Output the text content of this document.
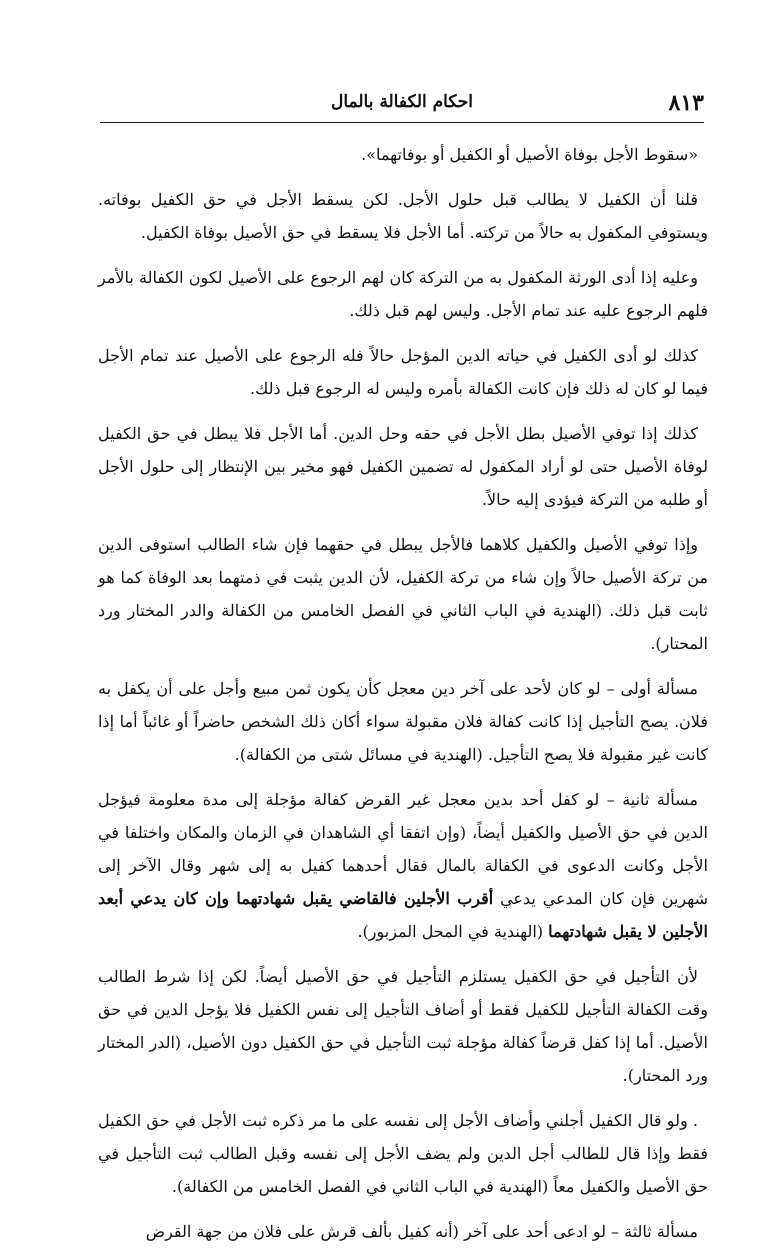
٨١٣
احكام الكفالة بالمال

«سقوط الأجل بوفاة الأصيل أو الكفيل أو بوفاتهما».

قلنا أن الكفيل لا يطالب قبل حلول الأجل. لكن يسقط الأجل في حق الكفيل بوفاته. ويستوفي المكفول به حالاً من تركته. أما الأجل فلا يسقط في حق الأصيل بوفاة الكفيل.

وعليه إذا أدى الورثة المكفول به من التركة كان لهم الرجوع على الأصيل لكون الكفالة بالأمر فلهم الرجوع عليه عند تمام الأجل. وليس لهم قبل ذلك.

كذلك لو أدى الكفيل في حياته الدين المؤجل حالاً فله الرجوع على الأصيل عند تمام الأجل فيما لو كان له ذلك فإن كانت الكفالة بأمره وليس له الرجوع قبل ذلك.

كذلك إذا توفي الأصيل بطل الأجل في حقه وحل الدين. أما الأجل فلا يبطل في حق الكفيل لوفاة الأصيل حتى لو أراد المكفول له تضمين الكفيل فهو مخير بين الإنتظار إلى حلول الأجل أو طلبه من التركة فيؤدى إليه حالاً.

وإذا توفي الأصيل والكفيل كلاهما فالأجل يبطل في حقهما فإن شاء الطالب استوفى الدين من تركة الأصيل حالاً وإن شاء من تركة الكفيل، لأن الدين يثبت في ذمتهما بعد الوفاة كما هو ثابت قبل ذلك. (الهندية في الباب الثاني في الفصل الخامس من الكفالة والدر المختار ورد المحتار).

مسألة أولى – لو كان لأحد على آخر دين معجل كأن يكون ثمن مبيع وأجل على أن يكفل به فلان. يصح التأجيل إذا كانت كفالة فلان مقبولة سواء أكان ذلك الشخص حاضراً أو غائباً أما إذا كانت غير مقبولة فلا يصح التأجيل. (الهندية في مسائل شتى من الكفالة).

مسألة ثانية – لو كفل أحد بدين معجل غير القرض كفالة مؤجلة إلى مدة معلومة فيؤجل الدين في حق الأصيل والكفيل أيضاً، (وإن اتفقا أي الشاهدان في الزمان والمكان واختلفا في الأجل وكانت الدعوى في الكفالة بالمال فقال أحدهما كفيل به إلى شهر وقال الآخر إلى شهرين فإن كان المدعي يدعي أقرب الأجلين فالقاضي يقبل شهادتهما وإن كان يدعي أبعد الأجلين لا يقبل شهادتهما (الهندية في المحل المزبور).

لأن التأجيل في حق الكفيل يستلزم التأجيل في حق الأصيل أيضاً. لكن إذا شرط الطالب وقت الكفالة التأجيل للكفيل فقط أو أضاف التأجيل إلى نفس الكفيل فلا يؤجل الدين في حق الأصيل. أما إذا كفل قرضاً كفالة مؤجلة ثبت التأجيل في حق الكفيل دون الأصيل، (الدر المختار ورد المحتار).

. ولو قال الكفيل أجلني وأضاف الأجل إلى نفسه على ما مر ذكره ثبت الأجل في حق الكفيل فقط وإذا قال للطالب أجل الدين ولم يضف الأجل إلى نفسه وقبل الطالب ثبت التأجيل في حق الأصيل والكفيل معاً (الهندية في الباب الثاني في الفصل الخامس من الكفالة).

مسألة ثالثة – لو ادعى أحد على آخر (أنه كفيل بألف قرش على فلان من جهة القرض
